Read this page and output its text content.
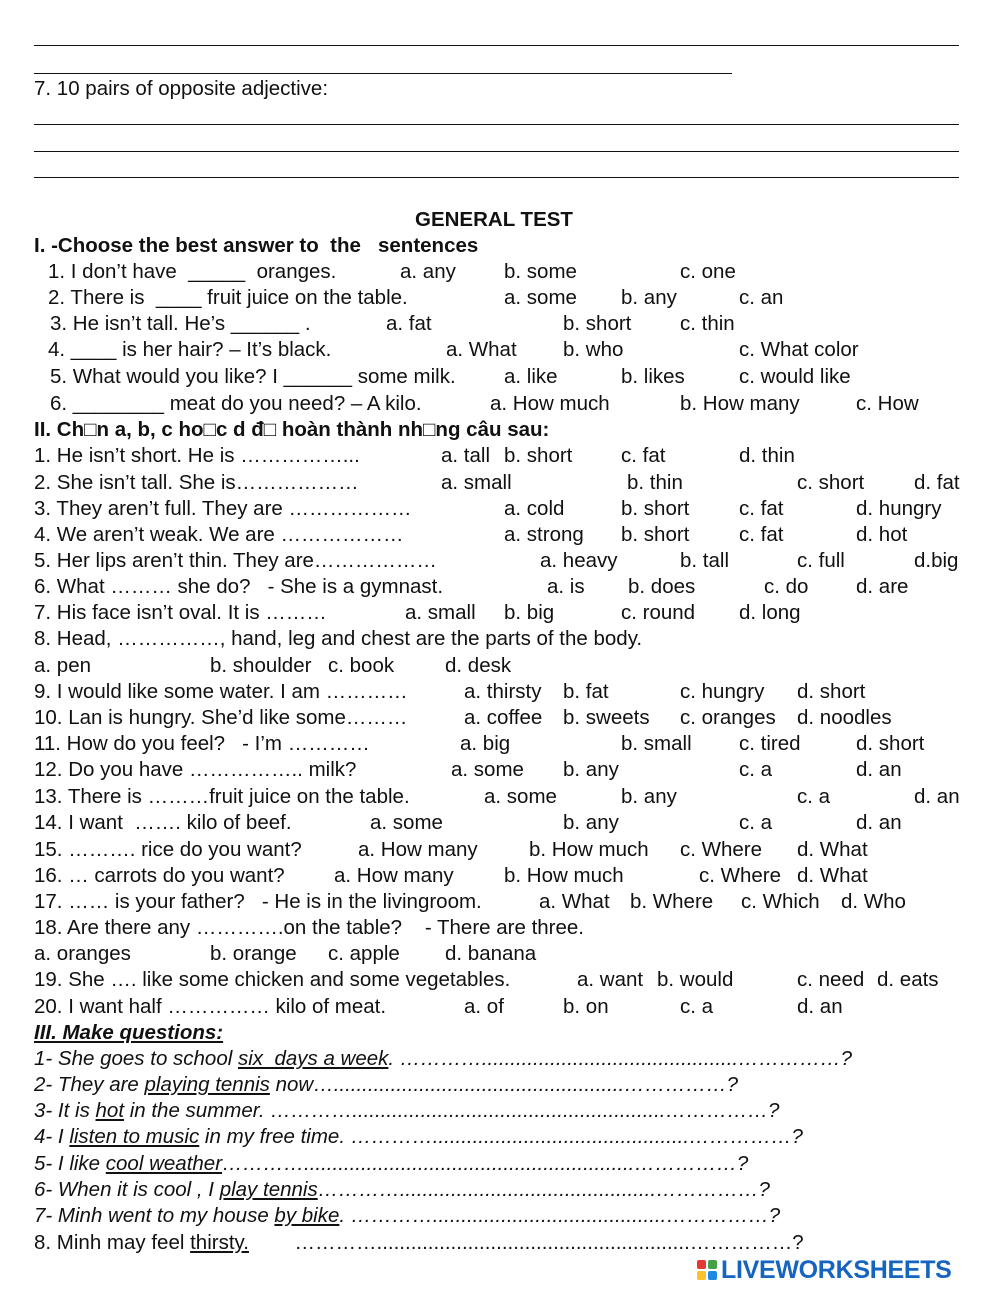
7. 10 pairs of opposite adjective:
GENERAL TEST
I. -Choose the best answer to  the   sentences
1. I don’t have  _____  oranges.	a. any b. some	c. one
2. There is  ____ fruit juice on the table.	a. some b. any	c. an
3. He isn’t tall. He’s ______ .	a. fat	b. short c. thin
4. ____ is her hair? – It’s black.	a. What b. who	c. What color
5. What would you like? I ______ some milk. a. like	b. likes	c. would like
6. ________ meat do you need? – A kilo.	a. How much	b. How many	c. How
II. Ch□n a, b, c ho□c d đ□ hoàn thành nh□ng câu sau:
1. He isn’t short. He is ……………...	a. tall b. short c. fat	d. thin
2. She isn’t tall. She is………………	a. small	b. thin	c. short d. fat
3. They aren’t full. They are ………………	a. cold	b. short c. fat	d. hungry
4. We aren’t weak. We are ………………	a. strong b. short c. fat	d. hot
5. Her lips aren’t thin. They are………………	a. heavy	b. tall	c. full	d.big
6. What ……… she do?   - She is a gymnast.	a. is b. does	c. do d. are
7. His face isn’t oval. It is ………	a. small b. big	c. round d. long
8. Head, ……………, hand, leg and chest are the parts of the body.
a. pen	b. shoulder c. book d. desk
9. I would like some water. I am …………	a. thirsty b. fat	c. hungry d. short
10. Lan is hungry. She’d like some………	a. coffee b. sweets c. oranges d. noodles
11. How do you feel?   - I’m …………	a. big	b. small c. tired	d. short
12. Do you have …………….. milk?	a. some b. any	c. a	d. an
13. There is ………fruit juice on the table.	a. some	b. any	c. a	d. an
14. I want  ……. kilo of beef.	a. some	b. any	c. a	d. an
15. ………. rice do you want?	a. How many	b. How much c. Where d. What
16. … carrots do you want? a. How many b. How much	c. Where d. What
17. …… is your father?   - He is in the livingroom.	a. What b. Where c. Which d. Who
18. Are there any ………….on the table?    - There are three.
a. oranges	b. orange c. apple d. banana
19. She …. like some chicken and some vegetables.	a. want b. would	c. need d. eats
20. I want half …………… kilo of meat.	a. of	b. on	c. a	d. an
III. Make questions:
1- She goes to school six  days a week. ………….............................................……………?
2- They are playing tennis now…...................................................……………?
3- It is hot in the summer. ………….......................................................……………?
4- I listen to music in my free time. ………….............................................……………?
5- I like cool weather…………..........................................................……………?
6- When it is cool , I play tennis………….............................................……………?
7- Minh went to my house by bike. ………….........................................……………?
8. Minh may feel thirsty.        ………….......................................................……………?
LIVEWORKSHEETS
